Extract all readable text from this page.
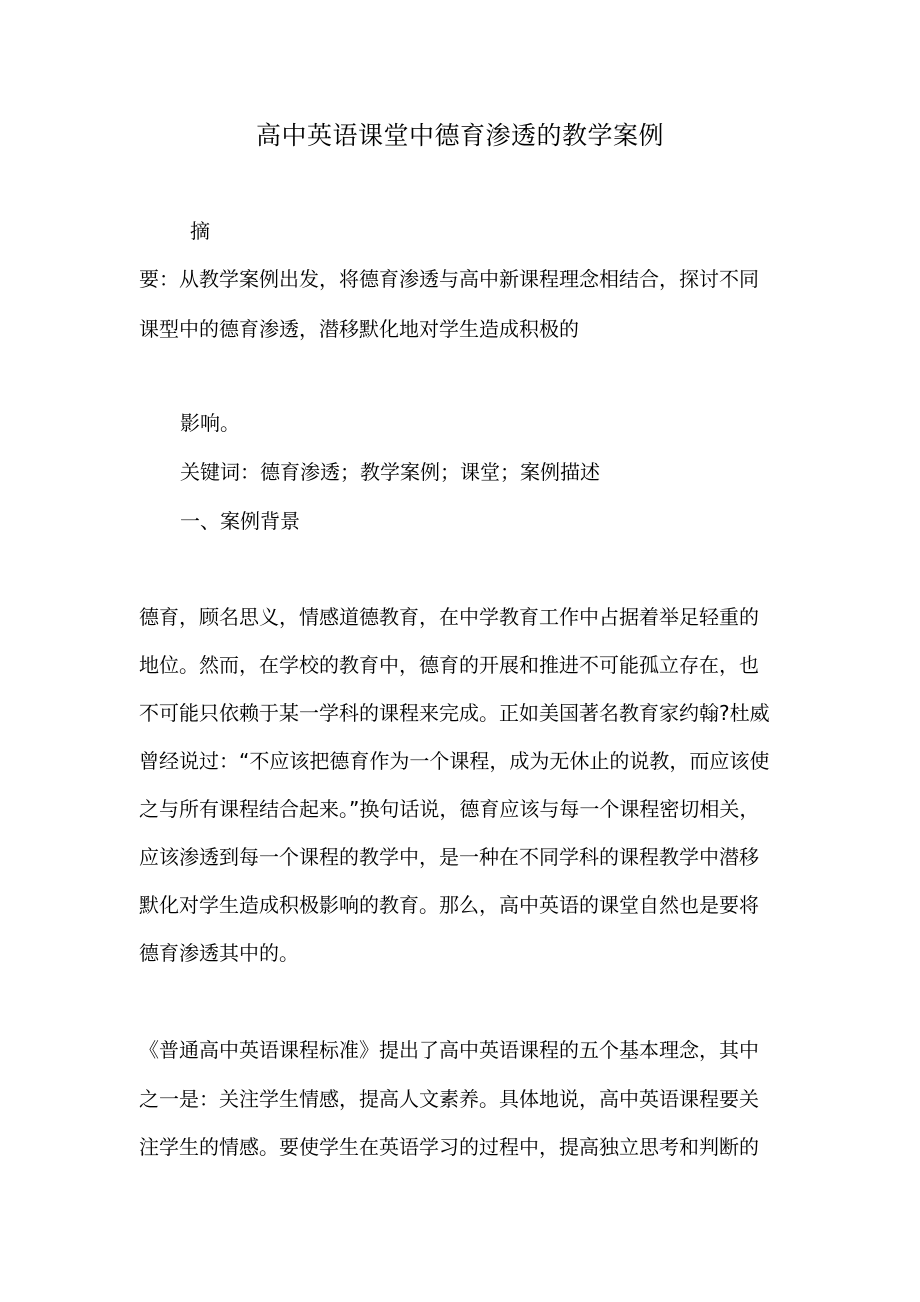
高中英语课堂中德育渗透的教学案例

摘

要：从教学案例出发，将德育渗透与高中新课程理念相结合，探讨不同

课型中的德育渗透，潜移默化地对学生造成积极的

影响。

关键词：德育渗透；教学案例；课堂；案例描述

一、案例背景

德育，顾名思义，情感道德教育，在中学教育工作中占据着举足轻重的

地位。然而，在学校的教育中，德育的开展和推进不可能孤立存在，也

不可能只依赖于某一学科的课程来完成。正如美国著名教育家约翰?杜威

曾经说过：“不应该把德育作为一个课程，成为无休止的说教，而应该使

之与所有课程结合起来。”换句话说，德育应该与每一个课程密切相关，

应该渗透到每一个课程的教学中，是一种在不同学科的课程教学中潜移

默化对学生造成积极影响的教育。那么，高中英语的课堂自然也是要将

德育渗透其中的。

《普通高中英语课程标准》提出了高中英语课程的五个基本理念，其中

之一是：关注学生情感，提高人文素养。具体地说，高中英语课程要关

注学生的情感。要使学生在英语学习的过程中，提高独立思考和判断的
